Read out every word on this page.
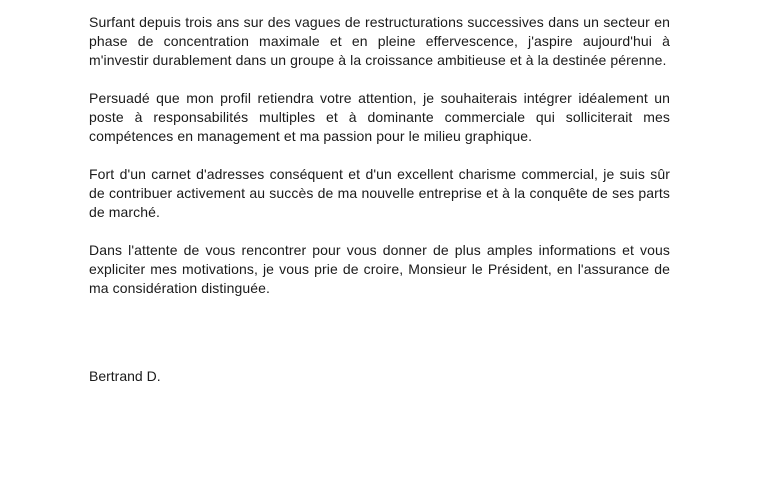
Surfant depuis trois ans sur des vagues de restructurations successives dans un secteur en phase de concentration maximale et en pleine effervescence, j'aspire aujourd'hui à m'investir durablement dans un groupe à la croissance ambitieuse et à la destinée pérenne.

Persuadé que mon profil retiendra votre attention, je souhaiterais intégrer idéalement un poste à responsabilités multiples et à dominante commerciale qui solliciterait mes compétences en management et ma passion pour le milieu graphique.

Fort d'un carnet d'adresses conséquent et d'un excellent charisme commercial, je suis sûr de contribuer activement au succès de ma nouvelle entreprise et à la conquête de ses parts de marché.

Dans l'attente de vous rencontrer pour vous donner de plus amples informations et vous expliciter mes motivations, je vous prie de croire, Monsieur le Président, en l'assurance de ma considération distinguée.

Bertrand D.
